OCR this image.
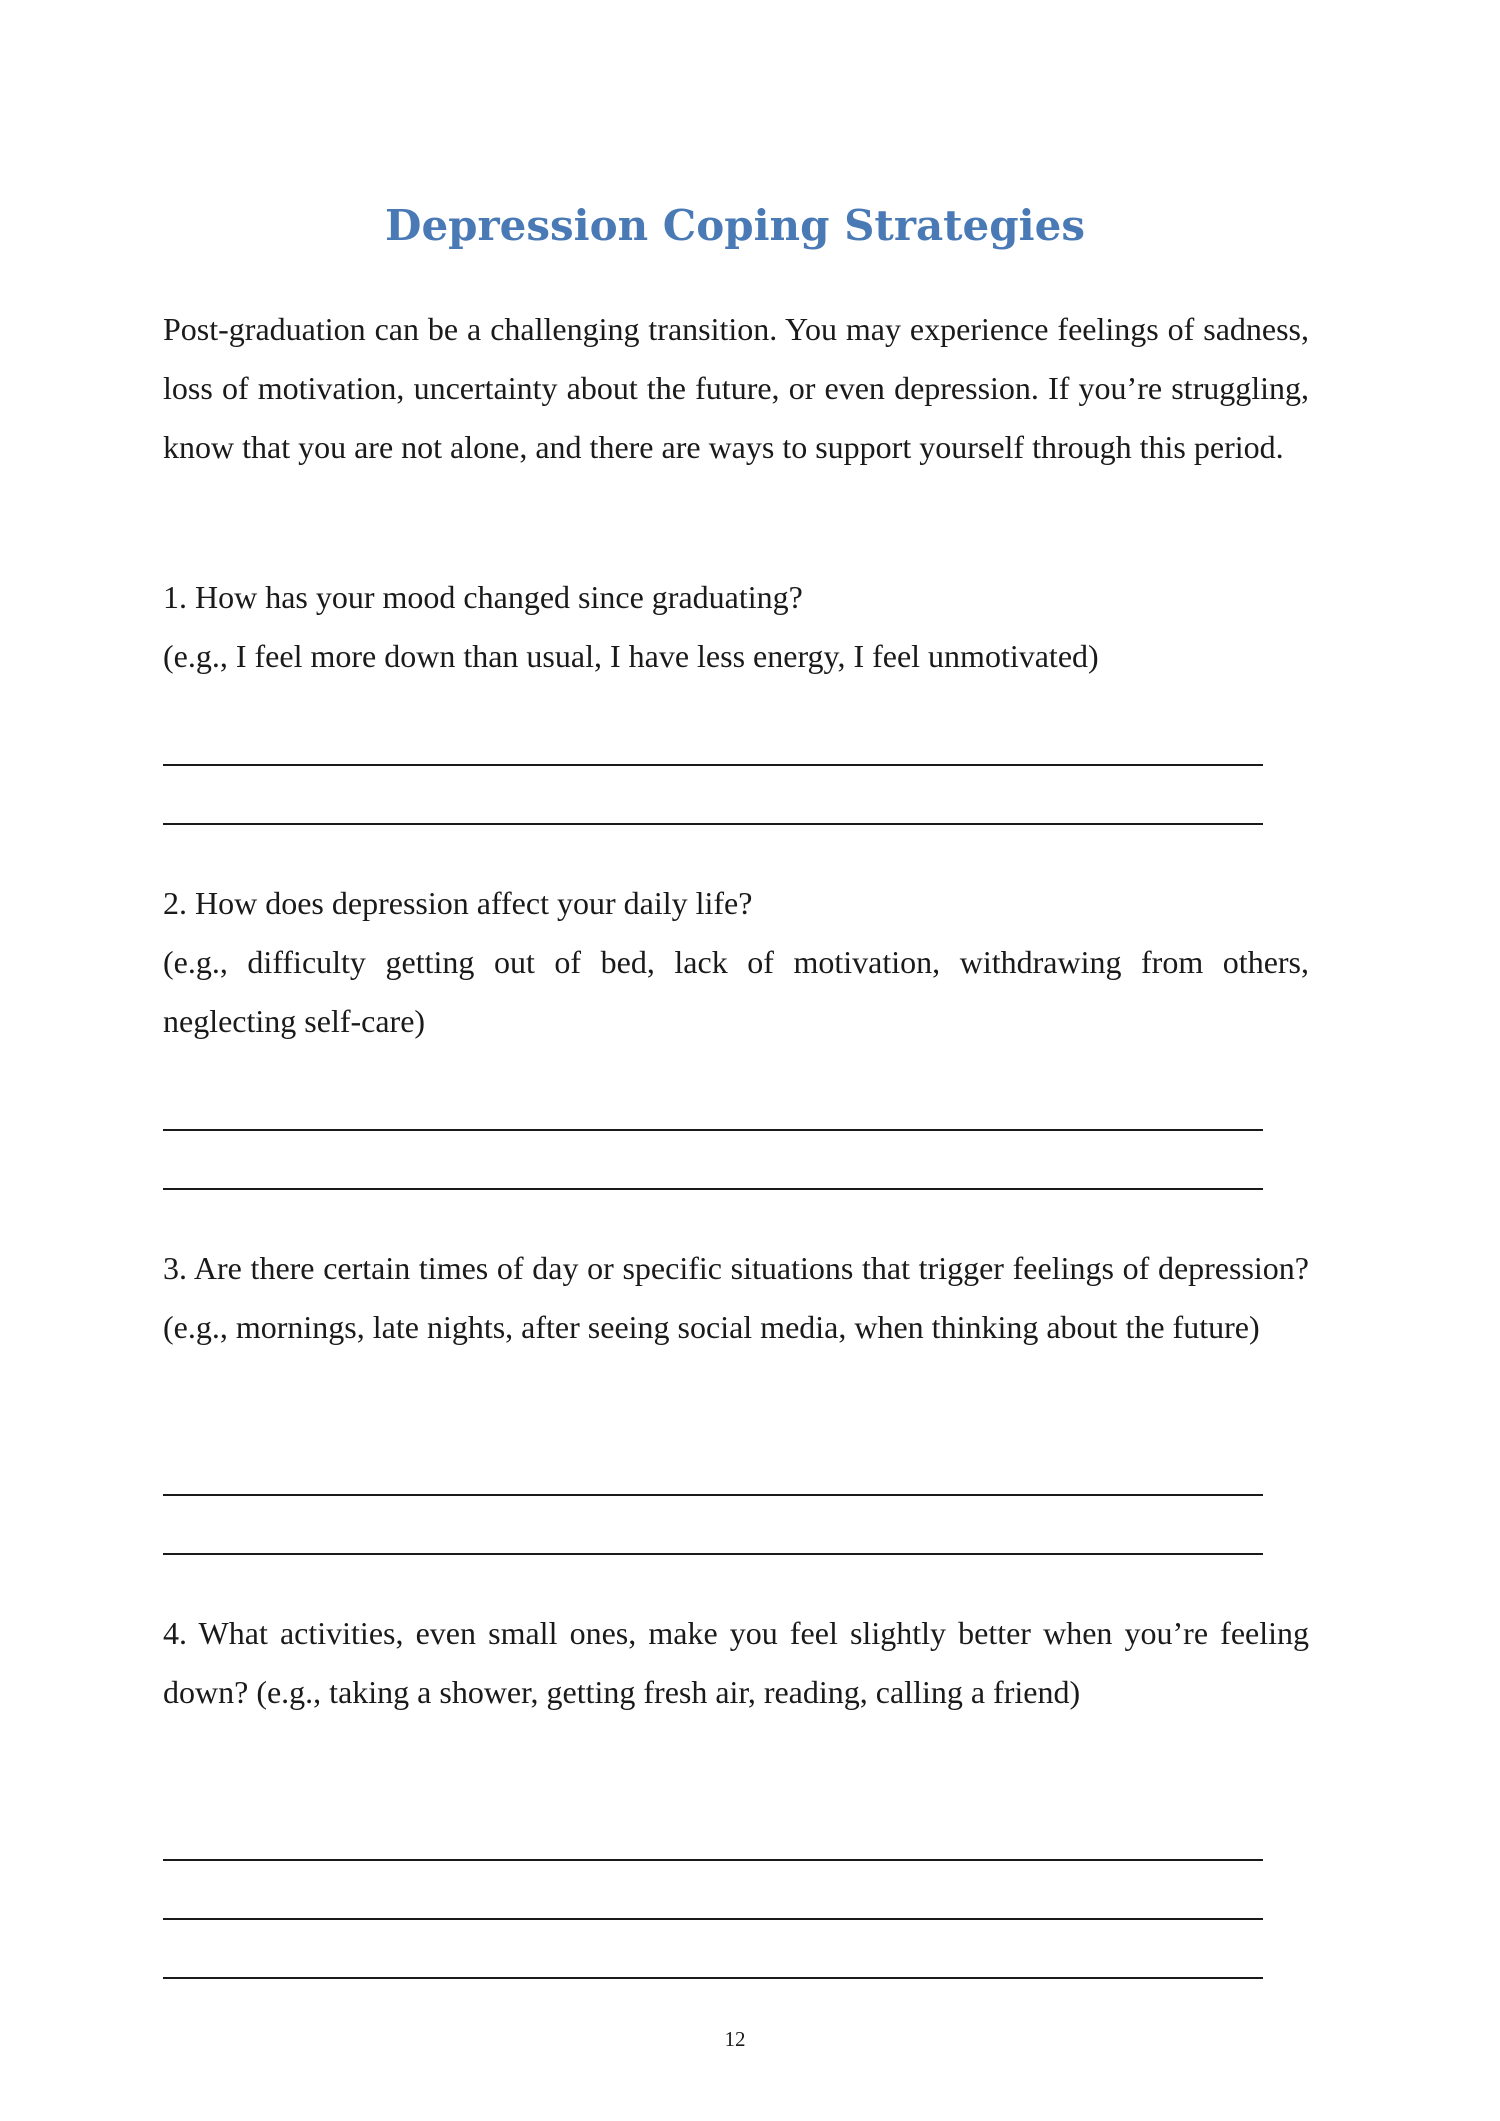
Depression Coping Strategies

Post-graduation can be a challenging transition. You may experience feelings of sadness, loss of motivation, uncertainty about the future, or even depression. If you’re struggling, know that you are not alone, and there are ways to support yourself through this period.

1. How has your mood changed since graduating?
(e.g., I feel more down than usual, I have less energy, I feel unmotivated)
2. How does depression affect your daily life?
(e.g., difficulty getting out of bed, lack of motivation, withdrawing from others, neglecting self-care)

3. Are there certain times of day or specific situations that trigger feelings of depression? (e.g., mornings, late nights, after seeing social media, when thinking about the future)

4. What activities, even small ones, make you feel slightly better when you’re feeling down? (e.g., taking a shower, getting fresh air, reading, calling a friend)

12
